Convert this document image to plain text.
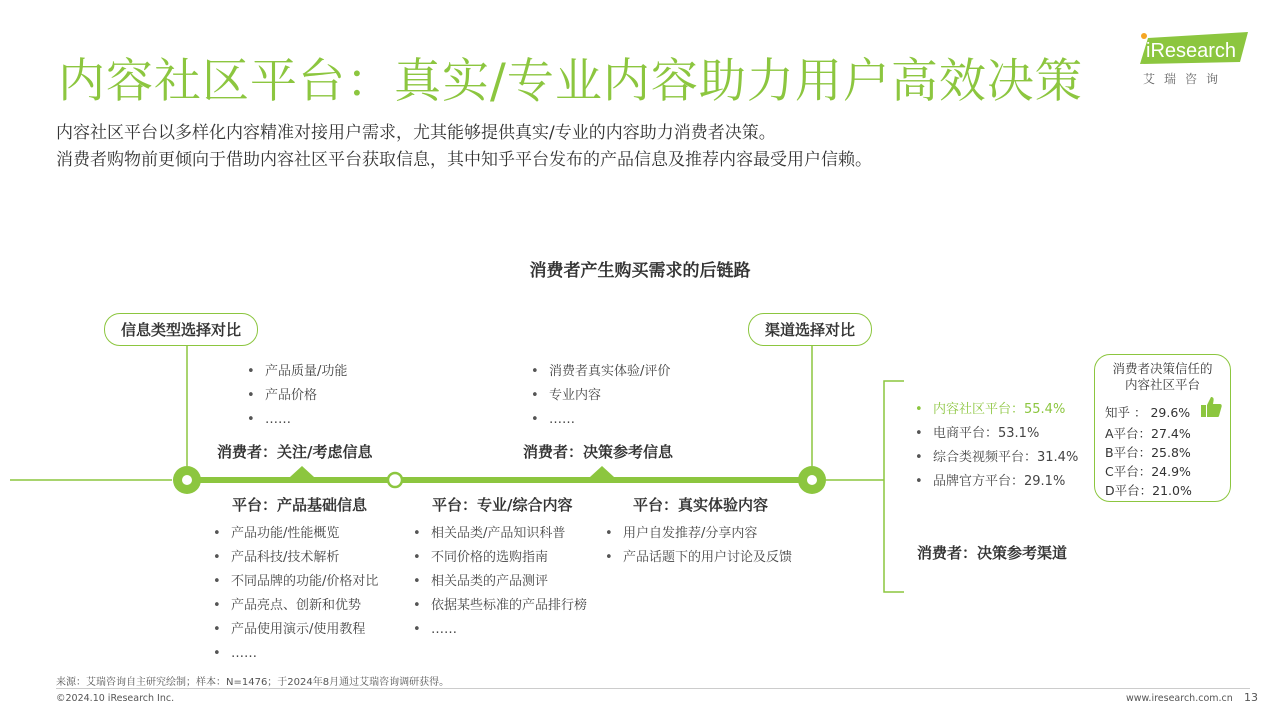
内容社区平台：真实/专业内容助力用户高效决策
内容社区平台以多样化内容精准对接用户需求，尤其能够提供真实/专业的内容助力消费者决策。
消费者购物前更倾向于借助内容社区平台获取信息，其中知乎平台发布的产品信息及推荐内容最受用户信赖。
iResearch
艾瑞咨询
消费者产生购买需求的后链路
信息类型选择对比	渠道选择对比
• 产品质量/功能
• 产品价格
• ……
消费者：关注/考虑信息
• 消费者真实体验/评价
• 专业内容
• ……
消费者：决策参考信息
平台：产品基础信息
• 产品功能/性能概览
• 产品科技/技术解析
• 不同品牌的功能/价格对比
• 产品亮点、创新和优势
• 产品使用演示/使用教程
• ……
平台：专业/综合内容
• 相关品类/产品知识科普
• 不同价格的选购指南
• 相关品类的产品测评
• 依据某些标准的产品排行榜
• ……
平台：真实体验内容
• 用户自发推荐/分享内容
• 产品话题下的用户讨论及反馈
• 内容社区平台：55.4%
• 电商平台：53.1%
• 综合类视频平台：31.4%
• 品牌官方平台：29.1%
消费者：决策参考渠道
消费者决策信任的
内容社区平台
知乎 ： 29.6%
A平台：27.4%
B平台：25.8%
C平台：24.9%
D平台：21.0%
来源：艾瑞咨询自主研究绘制；样本：N=1476；于2024年8月通过艾瑞咨询调研获得。
©2024.10 iResearch Inc.	www.iresearch.com.cn 13
